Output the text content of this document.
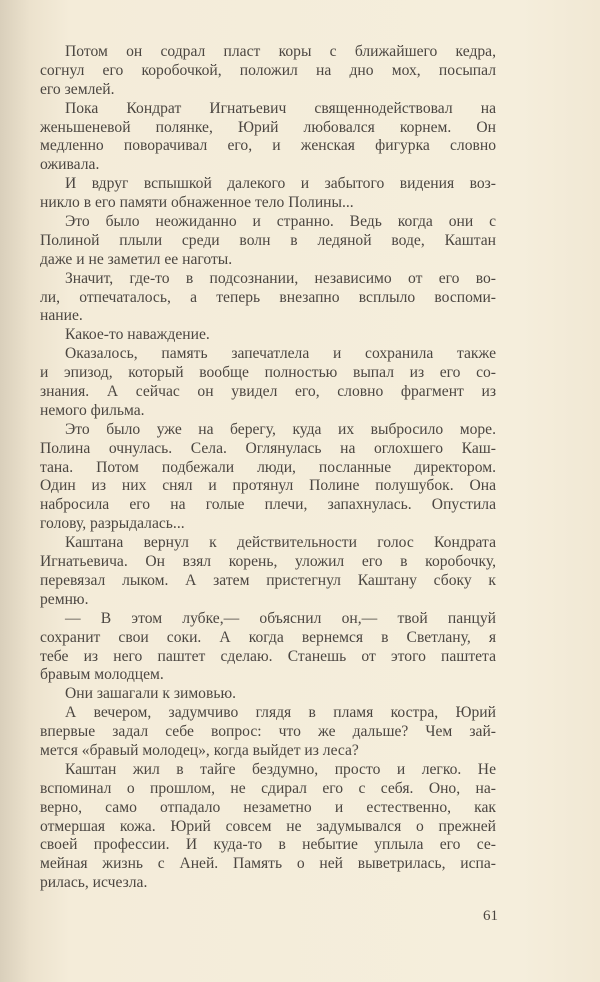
Потом он содрал пласт коры с ближайшего кедра,
согнул его коробочкой, положил на дно мох, посыпал
его землей.
Пока Кондрат Игнатьевич священнодействовал на
женьшеневой полянке, Юрий любовался корнем. Он
медленно поворачивал его, и женская фигурка словно
оживала.
И вдруг вспышкой далекого и забытого видения воз-
никло в его памяти обнаженное тело Полины...
Это было неожиданно и странно. Ведь когда они с
Полиной плыли среди волн в ледяной воде, Каштан
даже и не заметил ее наготы.
Значит, где-то в подсознании, независимо от его во-
ли, отпечаталось, а теперь внезапно всплыло воспоми-
нание.
Какое-то наваждение.
Оказалось, память запечатлела и сохранила также
и эпизод, который вообще полностью выпал из его со-
знания. А сейчас он увидел его, словно фрагмент из
немого фильма.
Это было уже на берегу, куда их выбросило море.
Полина очнулась. Села. Оглянулась на оглохшего Каш-
тана. Потом подбежали люди, посланные директором.
Один из них снял и протянул Полине полушубок. Она
набросила его на голые плечи, запахнулась. Опустила
голову, разрыдалась...
Каштана вернул к действительности голос Кондрата
Игнатьевича. Он взял корень, уложил его в коробочку,
перевязал лыком. А затем пристегнул Каштану сбоку к
ремню.
— В этом лубке,— объяснил он,— твой панцуй
сохранит свои соки. А когда вернемся в Светлану, я
тебе из него паштет сделаю. Станешь от этого паштета
бравым молодцем.
Они зашагали к зимовью.
А вечером, задумчиво глядя в пламя костра, Юрий
впервые задал себе вопрос: что же дальше? Чем зай-
мется «бравый молодец», когда выйдет из леса?
Каштан жил в тайге бездумно, просто и легко. Не
вспоминал о прошлом, не сдирал его с себя. Оно, на-
верно, само отпадало незаметно и естественно, как
отмершая кожа. Юрий совсем не задумывался о прежней
своей профессии. И куда-то в небытие уплыла его се-
мейная жизнь с Аней. Память о ней выветрилась, испа-
рилась, исчезла.
61
